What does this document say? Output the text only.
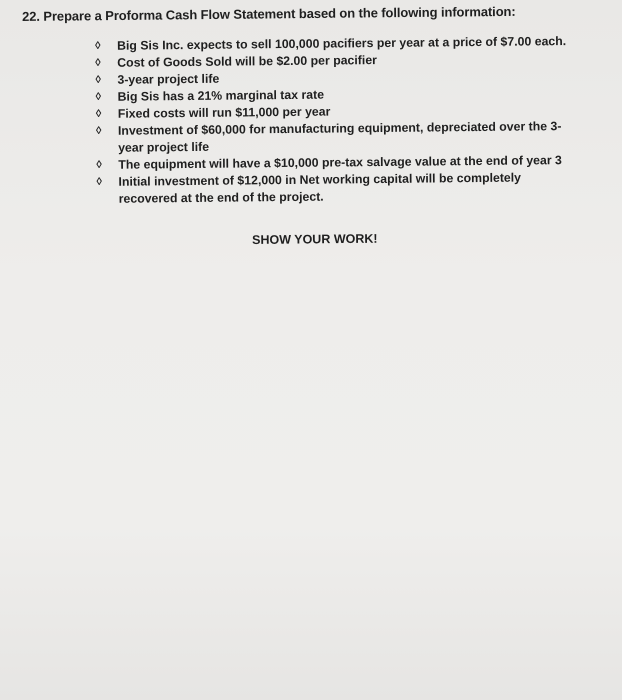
22. Prepare a Proforma Cash Flow Statement based on the following information:
◊	Big Sis Inc. expects to sell 100,000 pacifiers per year at a price of $7.00 each.
◊	Cost of Goods Sold will be $2.00 per pacifier
◊	3-year project life
◊	Big Sis has a 21% marginal tax rate
◊	Fixed costs will run $11,000 per year
◊	Investment of $60,000 for manufacturing equipment, depreciated over the 3-year project life
◊	The equipment will have a $10,000 pre-tax salvage value at the end of year 3
◊	Initial investment of $12,000 in Net working capital will be completely recovered at the end of the project.
SHOW YOUR WORK!
